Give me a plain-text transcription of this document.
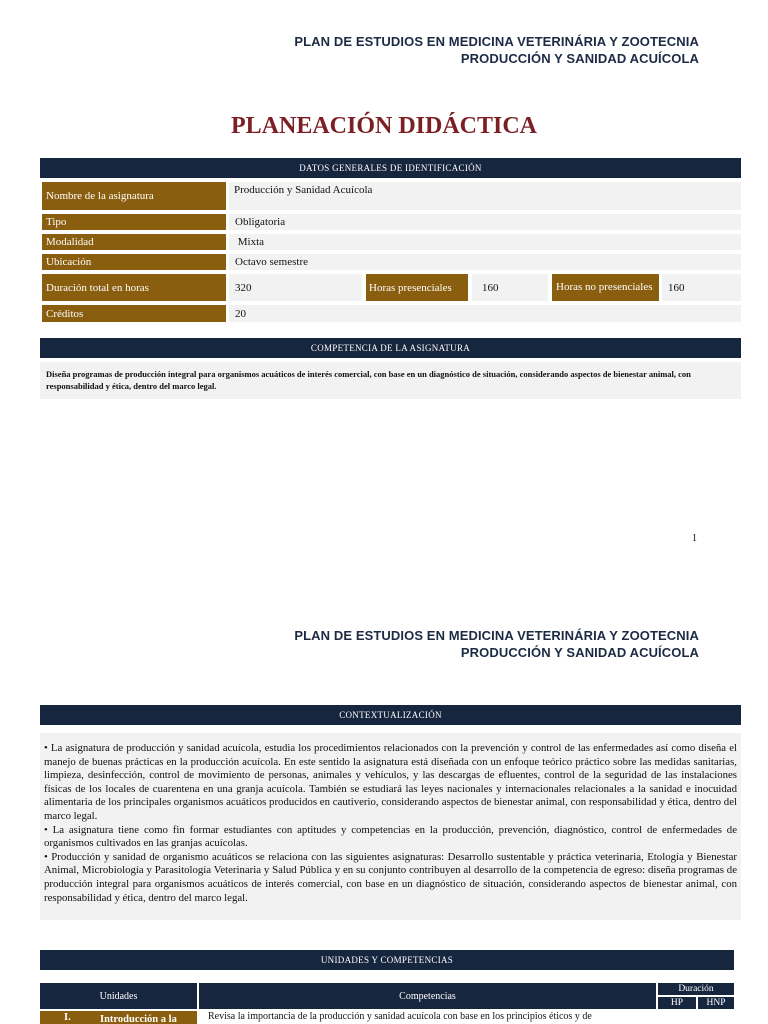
PLAN DE ESTUDIOS EN MEDICINA VETERINÁRIA Y ZOOTECNIA
PRODUCCIÓN Y SANIDAD ACUÍCOLA
PLANEACIÓN DIDÁCTICA
DATOS GENERALES DE IDENTIFICACIÓN
Nombre de la asignatura	Producción y Sanidad Acuícola
Tipo	Obligatoria
Modalidad	Mixta
Ubicación	Octavo semestre
Duración total en horas	320	Horas presenciales	160	Horas no presenciales	160
Créditos	20
COMPETENCIA DE LA ASIGNATURA
Diseña programas de producción integral para organismos acuáticos de interés comercial, con base en un diagnóstico de situación, considerando aspectos de bienestar animal, con responsabilidad y ética, dentro del marco legal.
1
PLAN DE ESTUDIOS EN MEDICINA VETERINÁRIA Y ZOOTECNIA
PRODUCCIÓN Y SANIDAD ACUÍCOLA
CONTEXTUALIZACIÓN

• La asignatura de producción y sanidad acuícola, estudia los procedimientos relacionados con la prevención y control de las enfermedades así como diseña el manejo de buenas prácticas en la producción acuícola. En este sentido la asignatura está diseñada con un enfoque teórico práctico sobre las medidas sanitarias, limpieza, desinfección, control de movimiento de personas, animales y vehículos, y las descargas de efluentes, control de la seguridad de las instalaciones físicas de los locales de cuarentena en una granja acuícola. También se estudiará las leyes nacionales y internacionales relacionales a la sanidad e inocuidad alimentaria de los principales organismos acuáticos producidos en cautiverio, considerando aspectos de bienestar animal, con responsabilidad y ética, dentro del marco legal.

• La asignatura tiene como fin formar estudiantes con aptitudes y competencias en la producción, prevención, diagnóstico, control de enfermedades de organismos cultivados en las granjas acuícolas.

• Producción y sanidad de organismo acuáticos se relaciona con las siguientes asignaturas: Desarrollo sustentable y práctica veterinaria, Etología y Bienestar Animal, Microbiología y Parasitología Veterinaria y Salud Pública y en su conjunto contribuyen al desarrollo de la competencia de egreso: diseña programas de producción integral para organismos acuáticos de interés comercial, con base en un diagnóstico de situación, considerando aspectos de bienestar animal, con responsabilidad y ética, dentro del marco legal.

UNIDADES Y COMPETENCIAS
Unidades	Competencias
Duración
HP	HNP
I.	Introducción a la	Revisa la importancia de la producción y sanidad acuícola con base en los principios éticos y de
